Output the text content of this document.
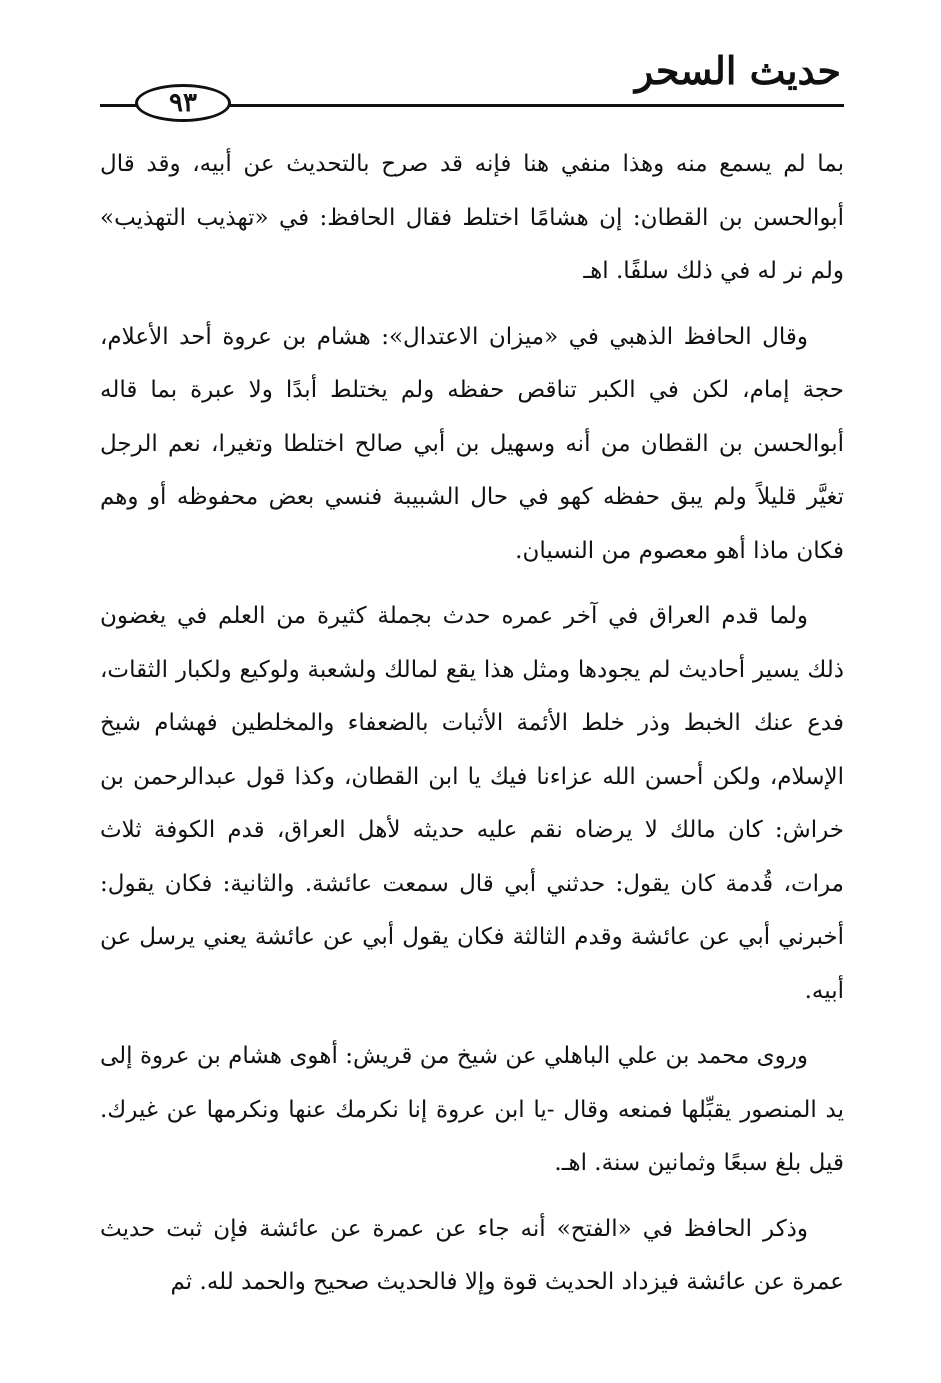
حديث السحر
٩٣

بما لم يسمع منه وهذا منفي هنا فإنه قد صرح بالتحديث عن أبيه، وقد قال أبوالحسن بن القطان: إن هشامًا اختلط فقال الحافظ: في «تهذيب التهذيب» ولم نر له في ذلك سلفًا. اهـ

وقال الحافظ الذهبي في «ميزان الاعتدال»: هشام بن عروة أحد الأعلام، حجة إمام، لكن في الكبر تناقص حفظه ولم يختلط أبدًا ولا عبرة بما قاله أبوالحسن بن القطان من أنه وسهيل بن أبي صالح اختلطا وتغيرا، نعم الرجل تغيَّر قليلاً ولم يبق حفظه كهو في حال الشبيبة فنسي بعض محفوظه أو وهم فكان ماذا أهو معصوم من النسيان.

ولما قدم العراق في آخر عمره حدث بجملة كثيرة من العلم في يغضون ذلك يسير أحاديث لم يجودها ومثل هذا يقع لمالك ولشعبة ولوكيع ولكبار الثقات، فدع عنك الخبط وذر خلط الأئمة الأثبات بالضعفاء والمخلطين فهشام شيخ الإسلام، ولكن أحسن الله عزاءنا فيك يا ابن القطان، وكذا قول عبدالرحمن بن خراش: كان مالك لا يرضاه نقم عليه حديثه لأهل العراق، قدم الكوفة ثلاث مرات، قُدمة كان يقول: حدثني أبي قال سمعت عائشة. والثانية: فكان يقول: أخبرني أبي عن عائشة وقدم الثالثة فكان يقول أبي عن عائشة يعني يرسل عن أبيه.

وروى محمد بن علي الباهلي عن شيخ من قريش: أهوى هشام بن عروة إلى يد المنصور يقبِّلها فمنعه وقال -يا ابن عروة إنا نكرمك عنها ونكرمها عن غيرك. قيل بلغ سبعًا وثمانين سنة. اهـ.

وذكر الحافظ في «الفتح» أنه جاء عن عمرة عن عائشة فإن ثبت حديث عمرة عن عائشة فيزداد الحديث قوة وإلا فالحديث صحيح والحمد لله. ثم
